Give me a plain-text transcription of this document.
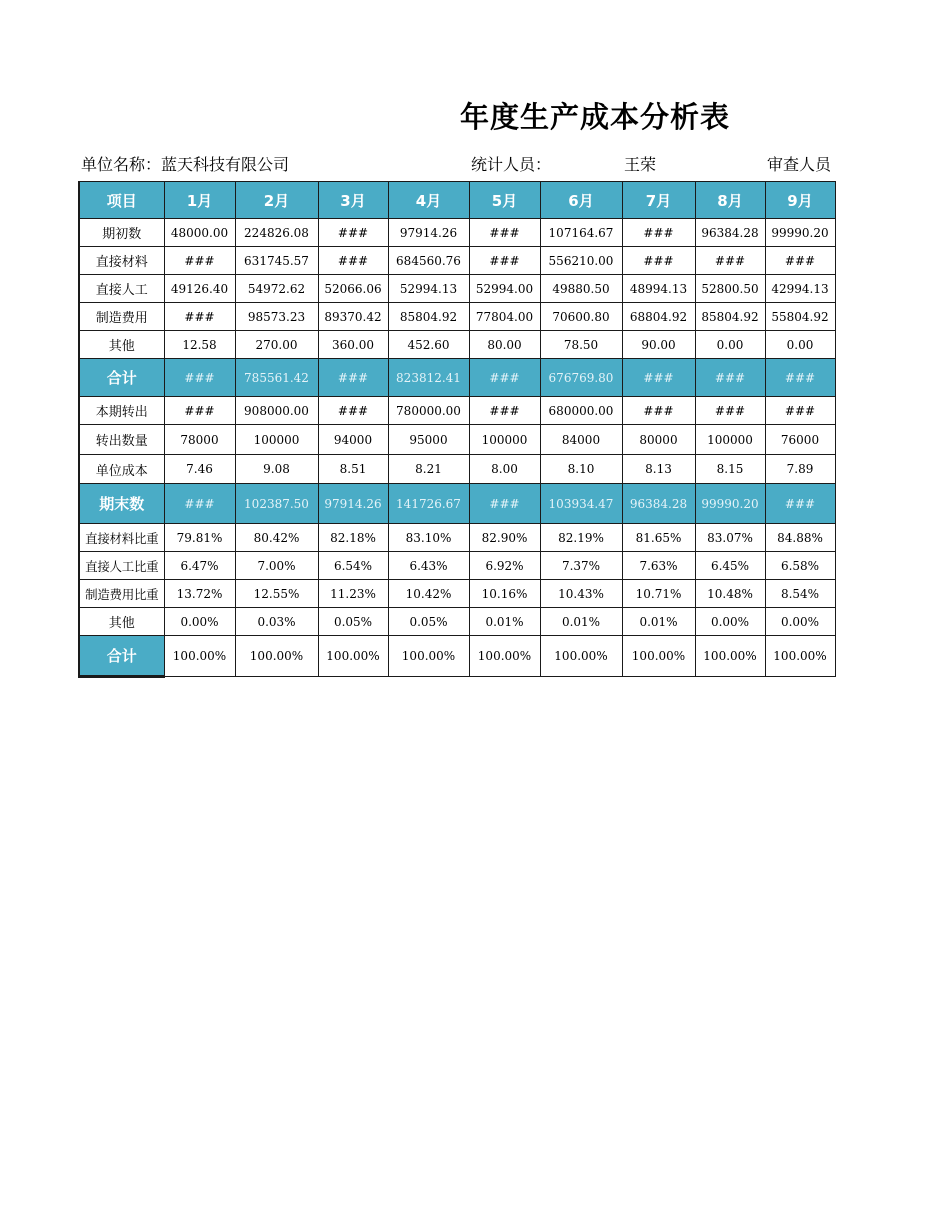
年度生产成本分析表
单位名称：蓝天科技有限公司	统计人员：	王荣	审查人员
项目	1月	2月	3月	4月	5月	6月	7月	8月	9月
期初数	48000.00	224826.08	###	97914.26	###	107164.67	###	96384.28	99990.20
直接材料	###	631745.57	###	684560.76	###	556210.00	###	###	###
直接人工	49126.40	54972.62	52066.06	52994.13	52994.00	49880.50	48994.13	52800.50	42994.13
制造费用	###	98573.23	89370.42	85804.92	77804.00	70600.80	68804.92	85804.92	55804.92
其他	12.58	270.00	360.00	452.60	80.00	78.50	90.00	0.00	0.00
合计	###	785561.42	###	823812.41	###	676769.80	###	###	###
本期转出	###	908000.00	###	780000.00	###	680000.00	###	###	###
转出数量	78000	100000	94000	95000	100000	84000	80000	100000	76000
单位成本	7.46	9.08	8.51	8.21	8.00	8.10	8.13	8.15	7.89
期末数	###	102387.50	97914.26	141726.67	###	103934.47	96384.28	99990.20	###
直接材料比重	79.81%	80.42%	82.18%	83.10%	82.90%	82.19%	81.65%	83.07%	84.88%
直接人工比重	6.47%	7.00%	6.54%	6.43%	6.92%	7.37%	7.63%	6.45%	6.58%
制造费用比重	13.72%	12.55%	11.23%	10.42%	10.16%	10.43%	10.71%	10.48%	8.54%
其他	0.00%	0.03%	0.05%	0.05%	0.01%	0.01%	0.01%	0.00%	0.00%
合计	100.00%	100.00%	100.00%	100.00%	100.00%	100.00%	100.00%	100.00%	100.00%
